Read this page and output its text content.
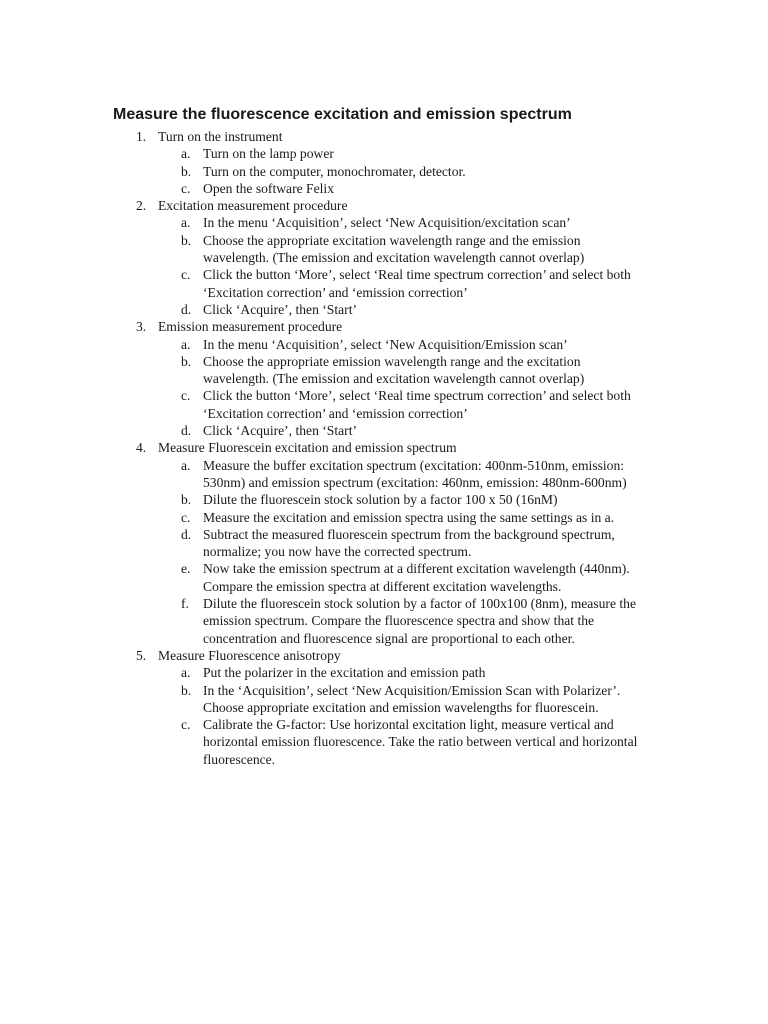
Measure the fluorescence excitation and emission spectrum
1. Turn on the instrument
a. Turn on the lamp power
b. Turn on the computer, monochromater, detector.
c. Open the software Felix
2. Excitation measurement procedure
a. In the menu ‘Acquisition’, select ‘New Acquisition/excitation scan’
b. Choose the appropriate excitation wavelength range and the emission wavelength. (The emission and excitation wavelength cannot overlap)
c. Click the button ‘More’, select ‘Real time spectrum correction’ and select both ‘Excitation correction’ and ‘emission correction’
d. Click ‘Acquire’, then ‘Start’
3. Emission measurement procedure
a. In the menu ‘Acquisition’, select ‘New Acquisition/Emission scan’
b. Choose the appropriate emission wavelength range and the excitation wavelength. (The emission and excitation wavelength cannot overlap)
c. Click the button ‘More’, select ‘Real time spectrum correction’ and select both ‘Excitation correction’ and ‘emission correction’
d. Click ‘Acquire’, then ‘Start’
4. Measure Fluorescein excitation and emission spectrum
a. Measure the buffer excitation spectrum (excitation: 400nm-510nm, emission: 530nm) and emission spectrum (excitation: 460nm, emission: 480nm-600nm)
b. Dilute the fluorescein stock solution by a factor 100 x 50 (16nM)
c. Measure the excitation and emission spectra using the same settings as in a.
d. Subtract the measured fluorescein spectrum from the background spectrum, normalize; you now have the corrected spectrum.
e. Now take the emission spectrum at a different excitation wavelength (440nm). Compare the emission spectra at different excitation wavelengths.
f. Dilute the fluorescein stock solution by a factor of 100x100 (8nm), measure the emission spectrum. Compare the fluorescence spectra and show that the concentration and fluorescence signal are proportional to each other.
5. Measure Fluorescence anisotropy
a. Put the polarizer in the excitation and emission path
b. In the ‘Acquisition’, select ‘New Acquisition/Emission Scan with Polarizer’. Choose appropriate excitation and emission wavelengths for fluorescein.
c. Calibrate the G-factor: Use horizontal excitation light, measure vertical and horizontal emission fluorescence. Take the ratio between vertical and horizontal fluorescence.
